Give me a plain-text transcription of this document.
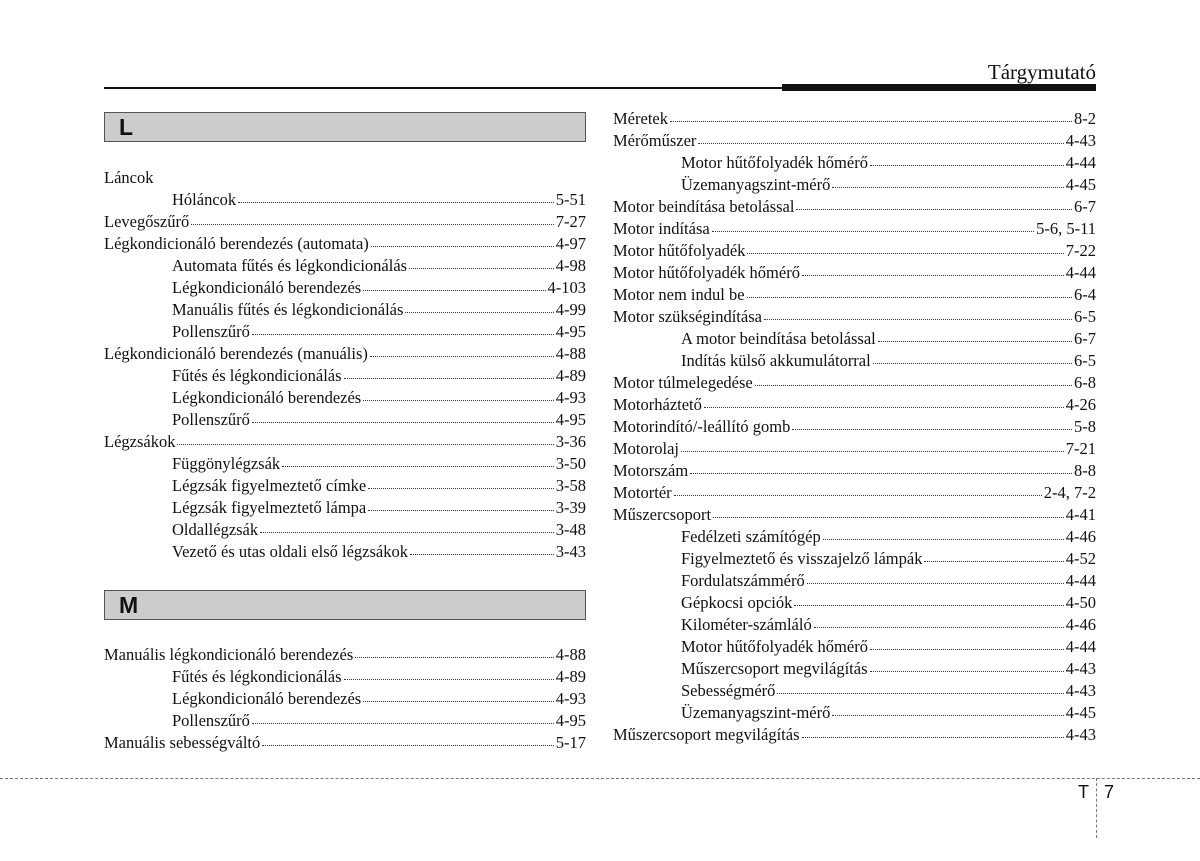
Tárgymutató
L
Láncok
Hóláncok	5-51
Levegőszűrő	7-27
Légkondicionáló berendezés (automata)	4-97
Automata fűtés és légkondicionálás	4-98
Légkondicionáló berendezés	4-103
Manuális fűtés és légkondicionálás	4-99
Pollenszűrő	4-95
Légkondicionáló berendezés (manuális)	4-88
Fűtés és légkondicionálás	4-89
Légkondicionáló berendezés	4-93
Pollenszűrő	4-95
Légzsákok	3-36
Függönylégzsák	3-50
Légzsák figyelmeztető címke	3-58
Légzsák figyelmeztető lámpa	3-39
Oldallégzsák	3-48
Vezető és utas oldali első légzsákok	3-43
M
Manuális légkondicionáló berendezés	4-88
Fűtés és légkondicionálás	4-89
Légkondicionáló berendezés	4-93
Pollenszűrő	4-95
Manuális sebességváltó	5-17
Méretek	8-2
Mérőműszer	4-43
Motor hűtőfolyadék hőmérő	4-44
Üzemanyagszint-mérő	4-45
Motor beindítása betolással	6-7
Motor indítása	5-6, 5-11
Motor hűtőfolyadék	7-22
Motor hűtőfolyadék hőmérő	4-44
Motor nem indul be	6-4
Motor szükségindítása	6-5
A motor beindítása betolással	6-7
Indítás külső akkumulátorral	6-5
Motor túlmelegedése	6-8
Motorháztető	4-26
Motorindító/-leállító gomb	5-8
Motorolaj	7-21
Motorszám	8-8
Motortér	2-4, 7-2
Műszercsoport	4-41
Fedélzeti számítógép	4-46
Figyelmeztető és visszajelző lámpák	4-52
Fordulatszámmérő	4-44
Gépkocsi opciók	4-50
Kilométer-számláló	4-46
Motor hűtőfolyadék hőmérő	4-44
Műszercsoport megvilágítás	4-43
Sebességmérő	4-43
Üzemanyagszint-mérő	4-45
Műszercsoport megvilágítás	4-43
T 7
